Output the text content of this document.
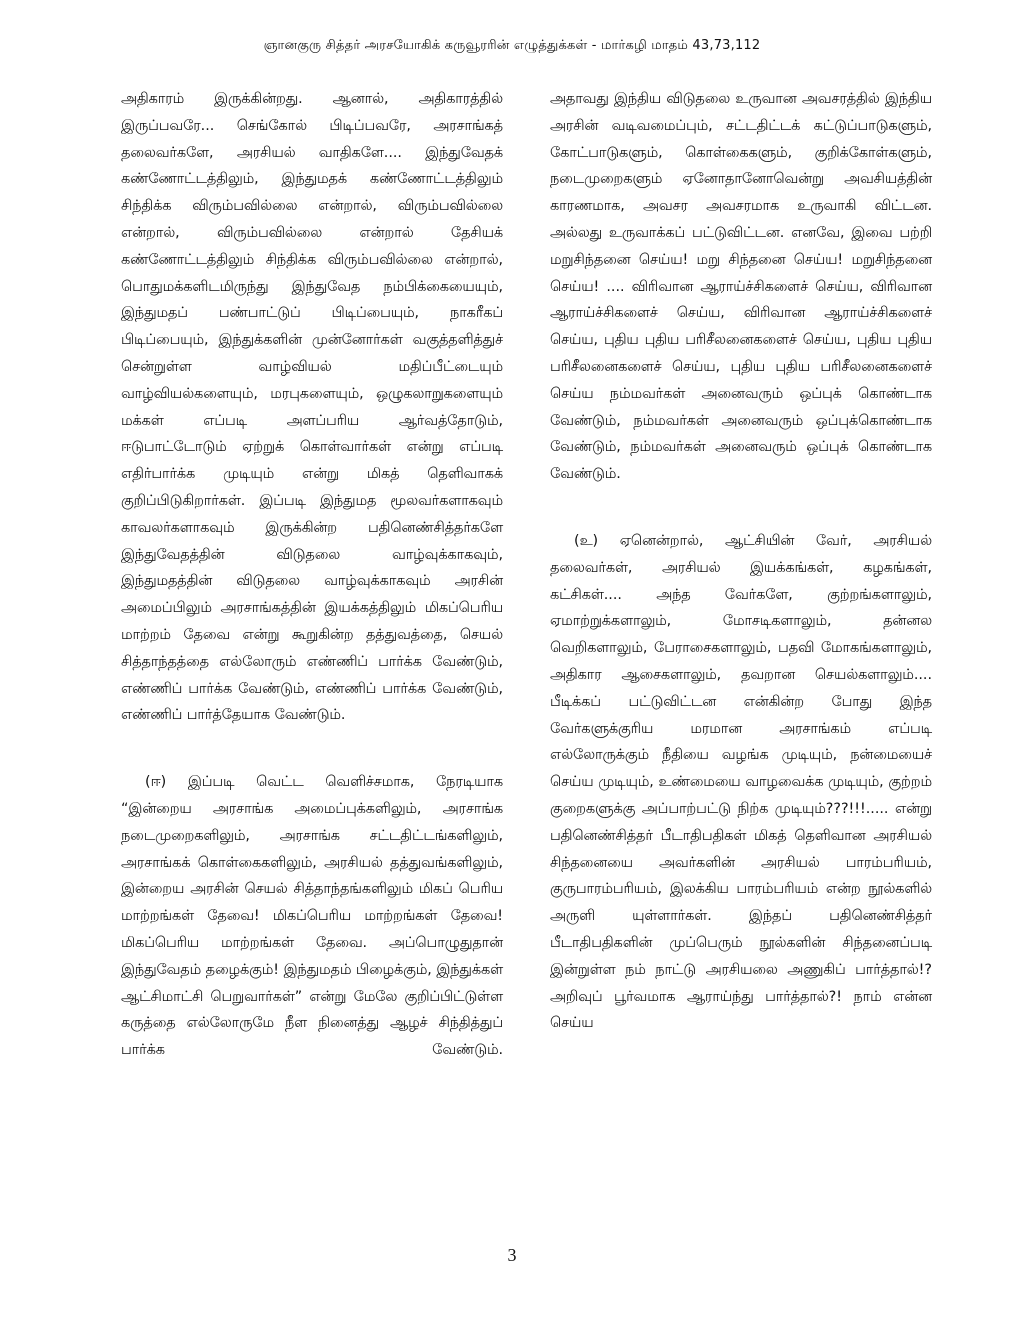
ஞானகுரு சித்தர் அரசயோகிக் கருவூரரின் எழுத்துக்கள் - மார்கழி மாதம் 43,73,112

அதிகாரம் இருக்கின்றது. ஆனால், அதிகாரத்தில் இருப்பவரே... செங்கோல் பிடிப்பவரே, அரசாங்கத் தலைவர்களே, அரசியல் வாதிகளே.... இந்துவேதக் கண்ணோட்டத்திலும், இந்துமதக் கண்ணோட்டத்திலும் சிந்திக்க விரும்பவில்லை என்றால், விரும்பவில்லை என்றால், விரும்பவில்லை என்றால் தேசியக் கண்ணோட்டத்திலும் சிந்திக்க விரும்பவில்லை என்றால், பொதுமக்களிடமிருந்து இந்துவேத நம்பிக்கையையும், இந்துமதப் பண்பாட்டுப் பிடிப்பையும், நாகரீகப் பிடிப்பையும், இந்துக்களின் முன்னோர்கள் வகுத்தளித்துச் சென்றுள்ள வாழ்வியல் மதிப்பீட்டையும் வாழ்வியல்களையும், மரபுகளையும், ஒழுகலாறுகளையும் மக்கள் எப்படி அளப்பரிய ஆர்வத்தோடும், ஈடுபாட்டோடும் ஏற்றுக் கொள்வார்கள் என்று எப்படி எதிர்பார்க்க முடியும் என்று மிகத் தெளிவாகக் குறிப்பிடுகிறார்கள். இப்படி இந்துமத மூலவர்களாகவும் காவலர்களாகவும் இருக்கின்ற பதினெண்சித்தர்களே இந்துவேதத்தின் விடுதலை வாழ்வுக்காகவும், இந்துமதத்தின் விடுதலை வாழ்வுக்காகவும் அரசின் அமைப்பிலும் அரசாங்கத்தின் இயக்கத்திலும் மிகப்பெரிய மாற்றம் தேவை என்று கூறுகின்ற தத்துவத்தை, செயல் சித்தாந்தத்தை எல்லோரும் எண்ணிப் பார்க்க வேண்டும், எண்ணிப் பார்க்க வேண்டும், எண்ணிப் பார்க்க வேண்டும், எண்ணிப் பார்த்தேயாக வேண்டும்.

(ஈ) இப்படி வெட்ட வெளிச்சமாக, நேரடியாக “இன்றைய அரசாங்க அமைப்புக்களிலும், அரசாங்க நடைமுறைகளிலும், அரசாங்க சட்டதிட்டங்களிலும், அரசாங்கக் கொள்கைகளிலும், அரசியல் தத்துவங்களிலும், இன்றைய அரசின் செயல் சித்தாந்தங்களிலும் மிகப் பெரிய மாற்றங்கள் தேவை! மிகப்பெரிய மாற்றங்கள் தேவை! மிகப்பெரிய மாற்றங்கள் தேவை. அப்பொழுதுதான் இந்துவேதம் தழைக்கும்! இந்துமதம் பிழைக்கும், இந்துக்கள் ஆட்சிமாட்சி பெறுவார்கள்” என்று மேலே குறிப்பிட்டுள்ள கருத்தை எல்லோருமே நீள நினைத்து ஆழச் சிந்தித்துப் பார்க்க வேண்டும்.

அதாவது இந்திய விடுதலை உருவான அவசரத்தில் இந்திய அரசின் வடிவமைப்பும், சட்டதிட்டக் கட்டுப்பாடுகளும், கோட்பாடுகளும், கொள்கைகளும், குறிக்கோள்களும், நடைமுறைகளும் ஏனோதானோவென்று அவசியத்தின் காரணமாக, அவசர அவசரமாக உருவாகி விட்டன. அல்லது உருவாக்கப் பட்டுவிட்டன. எனவே, இவை பற்றி மறுசிந்தனை செய்ய! மறு சிந்தனை செய்ய! மறுசிந்தனை செய்ய! .... விரிவான ஆராய்ச்சிகளைச் செய்ய, விரிவான ஆராய்ச்சிகளைச் செய்ய, விரிவான ஆராய்ச்சிகளைச் செய்ய, புதிய புதிய பரிசீலனைகளைச் செய்ய, புதிய புதிய பரிசீலனைகளைச் செய்ய, புதிய புதிய பரிசீலனைகளைச் செய்ய நம்மவர்கள் அனைவரும் ஒப்புக் கொண்டாக வேண்டும், நம்மவர்கள் அனைவரும் ஒப்புக்கொண்டாக வேண்டும், நம்மவர்கள் அனைவரும் ஒப்புக் கொண்டாக வேண்டும்.

(உ) ஏனென்றால், ஆட்சியின் வேர், அரசியல் தலைவர்கள், அரசியல் இயக்கங்கள், கழகங்கள், கட்சிகள்.... அந்த வேர்களே, குற்றங்களாலும், ஏமாற்றுக்களாலும், மோசடிகளாலும், தன்னல வெறிகளாலும், பேராசைகளாலும், பதவி மோகங்களாலும், அதிகார ஆசைகளாலும், தவறான செயல்களாலும்.... பீடிக்கப் பட்டுவிட்டன என்கின்ற போது இந்த வேர்களுக்குரிய மரமான அரசாங்கம் எப்படி எல்லோருக்கும் நீதியை வழங்க முடியும், நன்மையைச் செய்ய முடியும், உண்மையை வாழவைக்க முடியும், குற்றம் குறைகளுக்கு அப்பாற்பட்டு நிற்க முடியும்???!!!..... என்று பதினெண்சித்தர் பீடாதிபதிகள் மிகத் தெளிவான அரசியல் சிந்தனையை அவர்களின் அரசியல் பாரம்பரியம், குருபாரம்பரியம், இலக்கிய பாரம்பரியம் என்ற நூல்களில் அருளி யுள்ளார்கள். இந்தப் பதினெண்சித்தர் பீடாதிபதிகளின் முப்பெரும் நூல்களின் சிந்தனைப்படி இன்றுள்ள நம் நாட்டு அரசியலை அணுகிப் பார்த்தால்!? அறிவுப் பூர்வமாக ஆராய்ந்து பார்த்தால்?! நாம் என்ன செய்ய

3
